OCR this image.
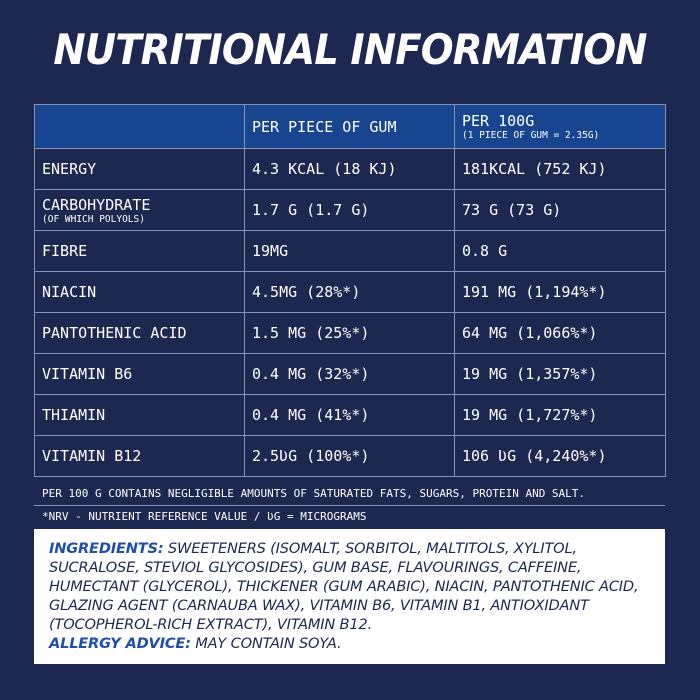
NUTRITIONAL INFORMATION

	PER PIECE OF GUM	PER 100G
(1 PIECE OF GUM = 2.35G)

ENERGY	4.3 KCAL (18 KJ)	181KCAL (752 KJ)

CARBOHYDRATE
(OF WHICH POLYOLS)	1.7 G (1.7 G)	73 G (73 G)

FIBRE	19MG	0.8 G

NIACIN	4.5MG (28%*)	191 MG (1,194%*)

PANTOTHENIC ACID	1.5 MG (25%*)	64 MG (1,066%*)

VITAMIN B6	0.4 MG (32%*)	19 MG (1,357%*)

THIAMIN	0.4 MG (41%*)	19 MG (1,727%*)

VITAMIN B12	2.5ƲG (100%*)	106 ƲG (4,240%*)
PER 100 G CONTAINS NEGLIGIBLE AMOUNTS OF SATURATED FATS, SUGARS, PROTEIN AND SALT.
*NRV - NUTRIENT REFERENCE VALUE / ƲG = MICROGRAMS
INGREDIENTS: SWEETENERS (ISOMALT, SORBITOL, MALTITOLS, XYLITOL, SUCRALOSE, STEVIOL GLYCOSIDES), GUM BASE, FLAVOURINGS, CAFFEINE, HUMECTANT (GLYCEROL), THICKENER (GUM ARABIC), NIACIN, PANTOTHENIC ACID, GLAZING AGENT (CARNAUBA WAX), VITAMIN B6, VITAMIN B1, ANTIOXIDANT (TOCOPHEROL-RICH EXTRACT), VITAMIN B12.
ALLERGY ADVICE: MAY CONTAIN SOYA.
